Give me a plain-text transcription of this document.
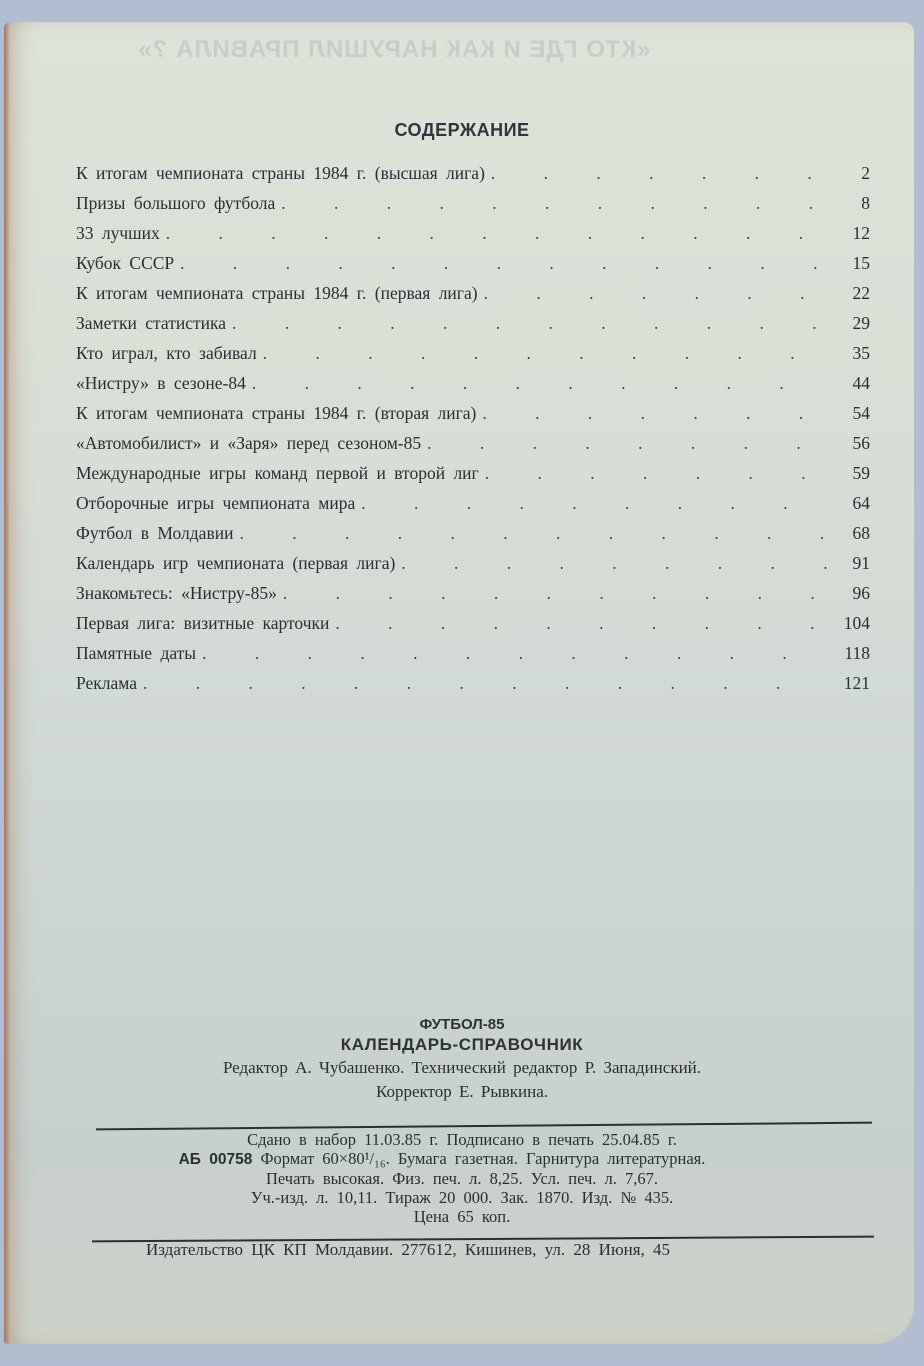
«КТО ГДЕ И КАК НАРУШИЛ ПРАВИЛА ?»
СОДЕРЖАНИЕ
К итогам чемпионата страны 1984 г. (высшая лига) . . .	2
Призы большого футбола . . .	8
33 лучших . . .	12
Кубок СССР . . .	15
К итогам чемпионата страны 1984 г. (первая лига) . . .	22
Заметки статистика . . .	29
Кто играл, кто забивал . . .	35
«Нистру» в сезоне-84 . . .	44
К итогам чемпионата страны 1984 г. (вторая лига) . . .	54
«Автомобилист» и «Заря» перед сезоном-85 . . .	56
Международные игры команд первой и второй лиг . . .	59
Отборочные игры чемпионата мира . . .	64
Футбол в Молдавии . . .	68
Календарь игр чемпионата (первая лига) . . .	91
Знакомьтесь: «Нистру-85» . . .	96
Первая лига: визитные карточки . . .	104
Памятные даты . . .	118
Реклама . . .	121
ФУТБОЛ-85
КАЛЕНДАРЬ-СПРАВОЧНИК
Редактор А. Чубашенко. Технический редактор Р. Западинский.
Корректор Е. Рывкина.
Сдано в набор 11.03.85 г. Подписано в печать 25.04.85 г.
АБ 00758 Формат 60×80¹/₁₆. Бумага газетная. Гарнитура литературная.
Печать высокая. Физ. печ. л. 8,25. Усл. печ. л. 7,67.
Уч.-изд. л. 10,11. Тираж 20 000. Зак. 1870. Изд. № 435.
Цена 65 коп.
Издательство ЦК КП Молдавии. 277612, Кишинев, ул. 28 Июня, 45
